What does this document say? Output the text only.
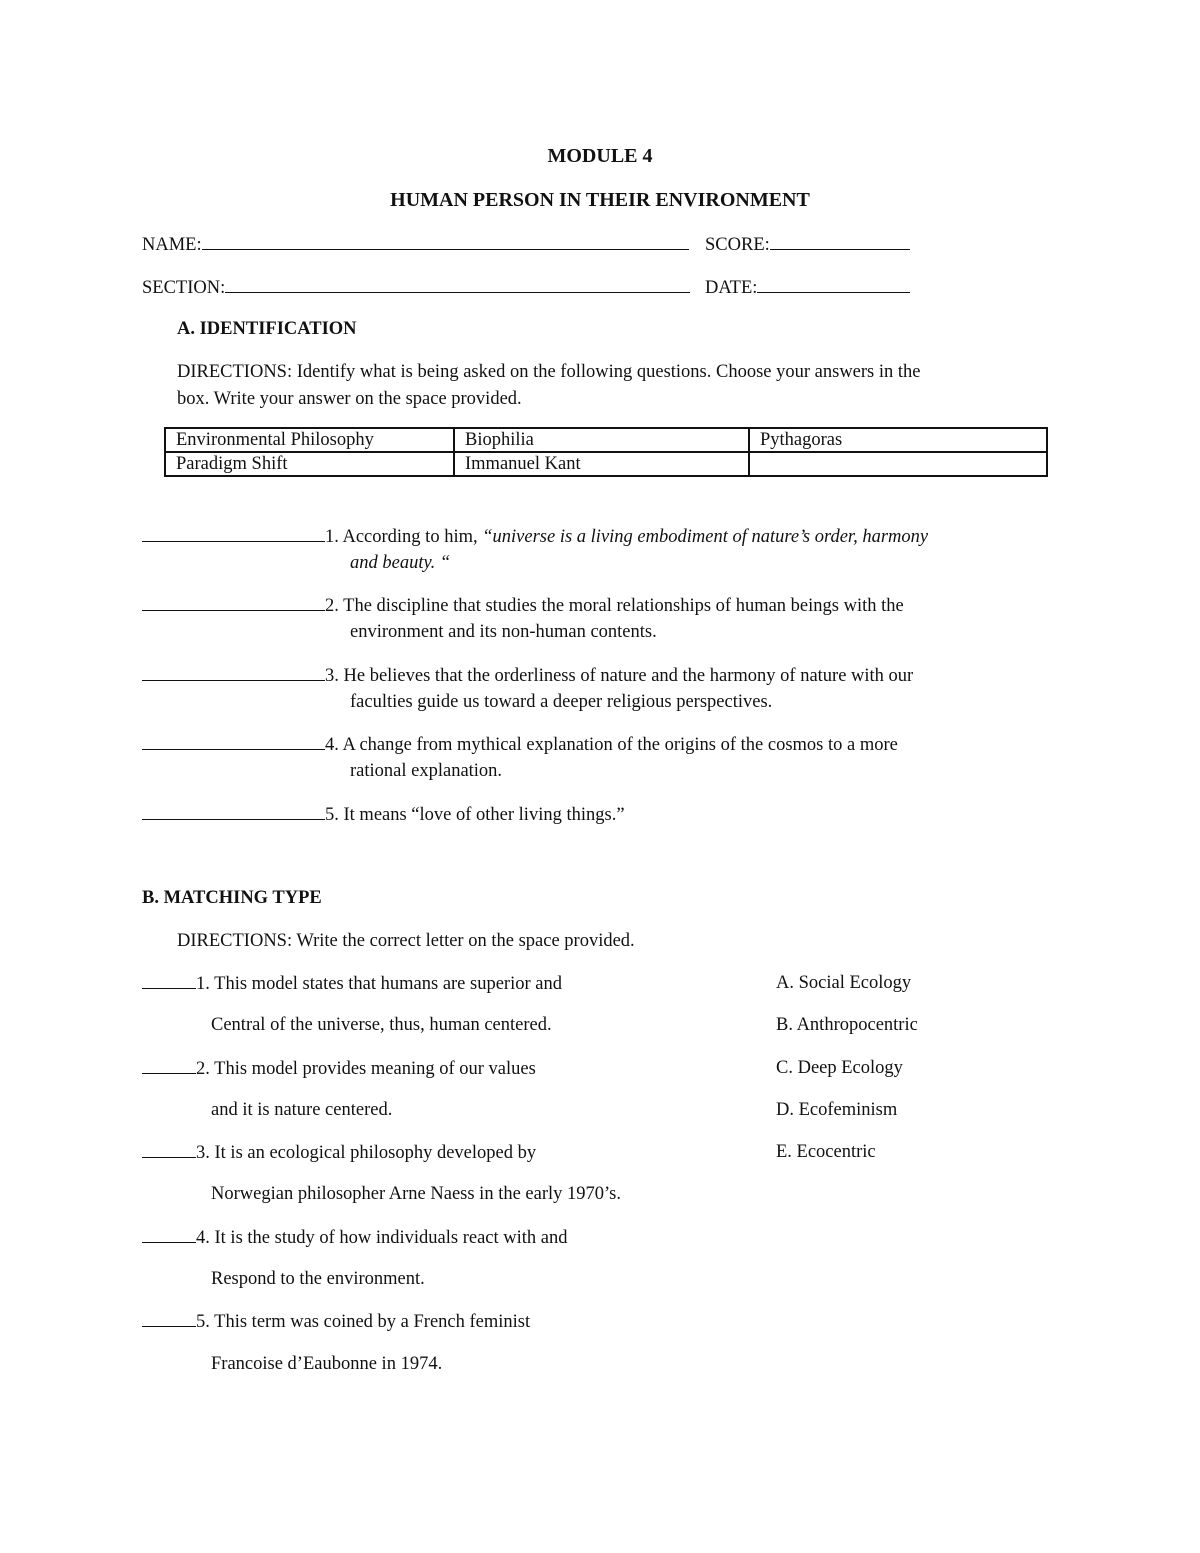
MODULE 4
HUMAN PERSON IN THEIR ENVIRONMENT
NAME:	SCORE:
SECTION:	DATE:
A. IDENTIFICATION
DIRECTIONS: Identify what is being asked on the following questions. Choose your answers in the
box. Write your answer on the space provided.
Environmental Philosophy	Biophilia	Pythagoras
Paradigm Shift	Immanuel Kant	
1. According to him, “universe is a living embodiment of nature’s order, harmony
and beauty. “
2. The discipline that studies the moral relationships of human beings with the
environment and its non-human contents.
3. He believes that the orderliness of nature and the harmony of nature with our
faculties guide us toward a deeper religious perspectives.
4. A change from mythical explanation of the origins of the cosmos to a more
rational explanation.
5. It means “love of other living things.”
B. MATCHING TYPE
DIRECTIONS: Write the correct letter on the space provided.
1. This model states that humans are superior and
Central of the universe, thus, human centered.
2. This model provides meaning of our values
and it is nature centered.
3. It is an ecological philosophy developed by
Norwegian philosopher Arne Naess in the early 1970’s.
4. It is the study of how individuals react with and
Respond to the environment.
5. This term was coined by a French feminist
Francoise d’Eaubonne in 1974.
A. Social Ecology
B. Anthropocentric
C. Deep Ecology
D. Ecofeminism
E. Ecocentric
